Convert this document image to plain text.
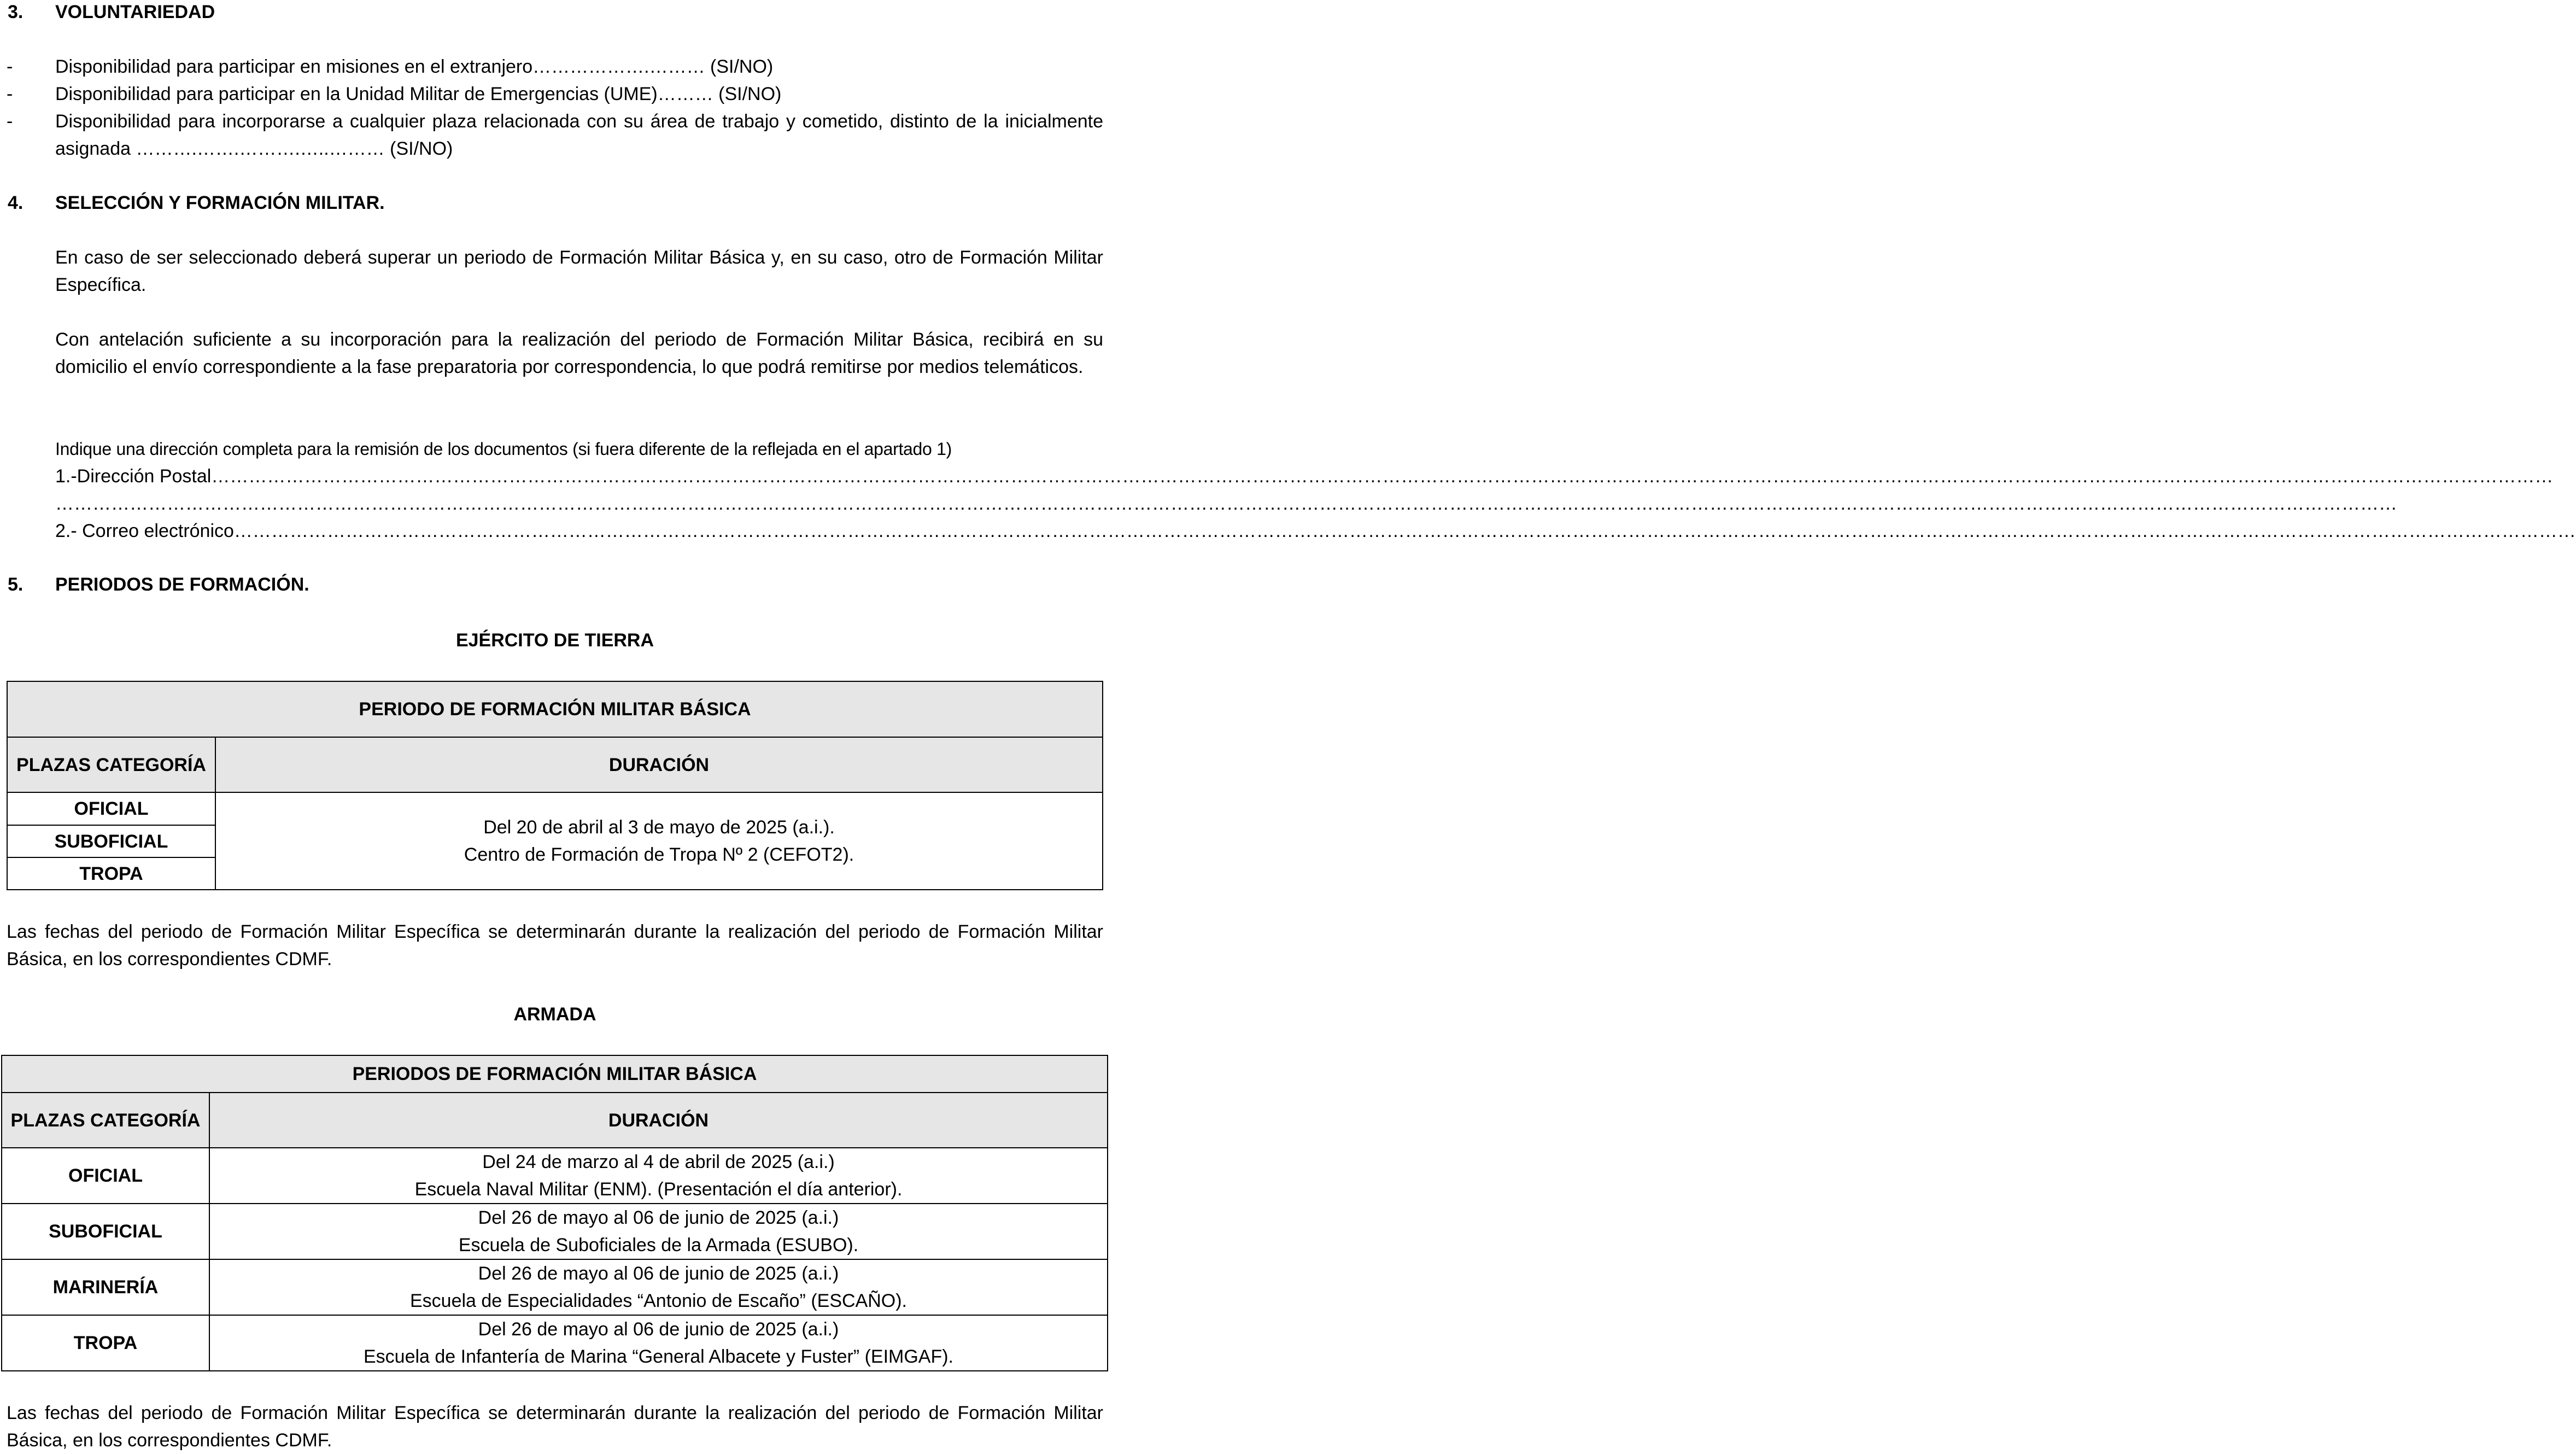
3. VOLUNTARIEDAD
- Disponibilidad para participar en misiones en el extranjero……………….……… (SI/NO)
- Disponibilidad para participar en la Unidad Militar de Emergencias (UME)……… (SI/NO)
- Disponibilidad para incorporarse a cualquier plaza relacionada con su área de trabajo y cometido, distinto de la inicialmente asignada ……….…….……….…..……… (SI/NO)
4. SELECCIÓN Y FORMACIÓN MILITAR.
En caso de ser seleccionado deberá superar un periodo de Formación Militar Básica y, en su caso, otro de Formación Militar Específica.
Con antelación suficiente a su incorporación para la realización del periodo de Formación Militar Básica, recibirá en su domicilio el envío correspondiente a la fase preparatoria por correspondencia, lo que podrá remitirse por medios telemáticos.
Indique una dirección completa para la remisión de los documentos (si fuera diferente de la reflejada en el apartado 1)
1.-Dirección Postal………………………………………………………………………………………………………………………………………………………………………………………………………………………………………………………………………………………………………………………………………………
………………………………………………………………………………………………………………………………………………………………………………………………………………………………………………………………………………………………………………………………………………
2.- Correo electrónico………………………………………………………………………………………………………………………………………………………………………………………………………………………………………………………………………………………………………………………………………………
5. PERIODOS DE FORMACIÓN.
EJÉRCITO DE TIERRA
PERIODO DE FORMACIÓN MILITAR BÁSICA	
PLAZAS CATEGORÍA	DURACIÓN
OFICIAL	Del 20 de abril al 3 de mayo de 2025 (a.i.).
Centro de Formación de Tropa Nº 2 (CEFOT2).

SUBOFICIAL	
TROPA	
Las fechas del periodo de Formación Militar Específica se determinarán durante la realización del periodo de Formación Militar Básica, en los correspondientes CDMF.
ARMADA
PERIODOS DE FORMACIÓN MILITAR BÁSICA	
PLAZAS CATEGORÍA	DURACIÓN
OFICIAL	Del 24 de marzo al 4 de abril de 2025 (a.i.)
Escuela Naval Militar (ENM). (Presentación el día anterior).

SUBOFICIAL	Del 26 de mayo al 06 de junio de 2025 (a.i.)
Escuela de Suboficiales de la Armada (ESUBO).

MARINERÍA	Del 26 de mayo al 06 de junio de 2025 (a.i.)
Escuela de Especialidades “Antonio de Escaño” (ESCAÑO).

TROPA	Del 26 de mayo al 06 de junio de 2025 (a.i.)
Escuela de Infantería de Marina “General Albacete y Fuster” (EIMGAF).
Las fechas del periodo de Formación Militar Específica se determinarán durante la realización del periodo de Formación Militar Básica, en los correspondientes CDMF.
